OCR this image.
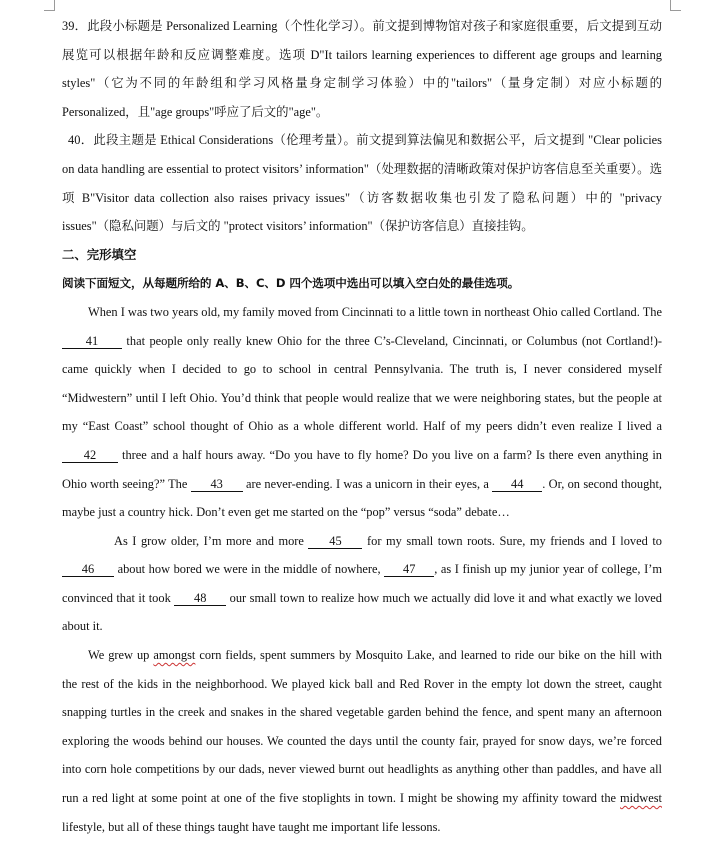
39．此段小标题是 Personalized Learning（个性化学习）。前文提到博物馆对孩子和家庭很重要，后文提到互动展览可以根据年龄和反应调整难度。选项 D"It tailors learning experiences to different age groups and learning styles"（它为不同的年龄组和学习风格量身定制学习体验）中的"tailors"（量身定制）对应小标题的 Personalized，且"age groups"呼应了后文的"age"。

40．此段主题是 Ethical Considerations（伦理考量）。前文提到算法偏见和数据公平，后文提到 "Clear policies on data handling are essential to protect visitors’ information"（处理数据的清晰政策对保护访客信息至关重要）。选项 B"Visitor data collection also raises privacy issues"（访客数据收集也引发了隐私问题）中的 "privacy issues"（隐私问题）与后文的 "protect visitors’ information"（保护访客信息）直接挂钩。

二、完形填空

阅读下面短文，从每题所给的 A、B、C、D 四个选项中选出可以填入空白处的最佳选项。

When I was two years old, my family moved from Cincinnati to a little town in northeast Ohio called Cortland. The 41 that people only really knew Ohio for the three C’s-Cleveland, Cincinnati, or Columbus (not Cortland!)-came quickly when I decided to go to school in central Pennsylvania. The truth is, I never considered myself “Midwestern” until I left Ohio. You’d think that people would realize that we were neighboring states, but the people at my “East Coast” school thought of Ohio as a whole different world. Half of my peers didn’t even realize I lived a 42 three and a half hours away. “Do you have to fly home? Do you live on a farm? Is there even anything in Ohio worth seeing?” The 43 are never-ending. I was a unicorn in their eyes, a 44 . Or, on second thought, maybe just a country hick. Don’t even get me started on the “pop” versus “soda” debate…

As I grow older, I’m more and more 45 for my small town roots. Sure, my friends and I loved to 46 about how bored we were in the middle of nowhere, 47 , as I finish up my junior year of college, I’m convinced that it took 48 our small town to realize how much we actually did love it and what exactly we loved about it.

We grew up amongst corn fields, spent summers by Mosquito Lake, and learned to ride our bike on the hill with the rest of the kids in the neighborhood. We played kick ball and Red Rover in the empty lot down the street, caught snapping turtles in the creek and snakes in the shared vegetable garden behind the fence, and spent many an afternoon exploring the woods behind our houses. We counted the days until the county fair, prayed for snow days, we’re forced into corn hole competitions by our dads, never viewed burnt out headlights as anything other than paddles, and have all run a red light at some point at one of the five stoplights in town. I might be showing my affinity toward the midwest lifestyle, but all of these things taught have taught me important life lessons.
